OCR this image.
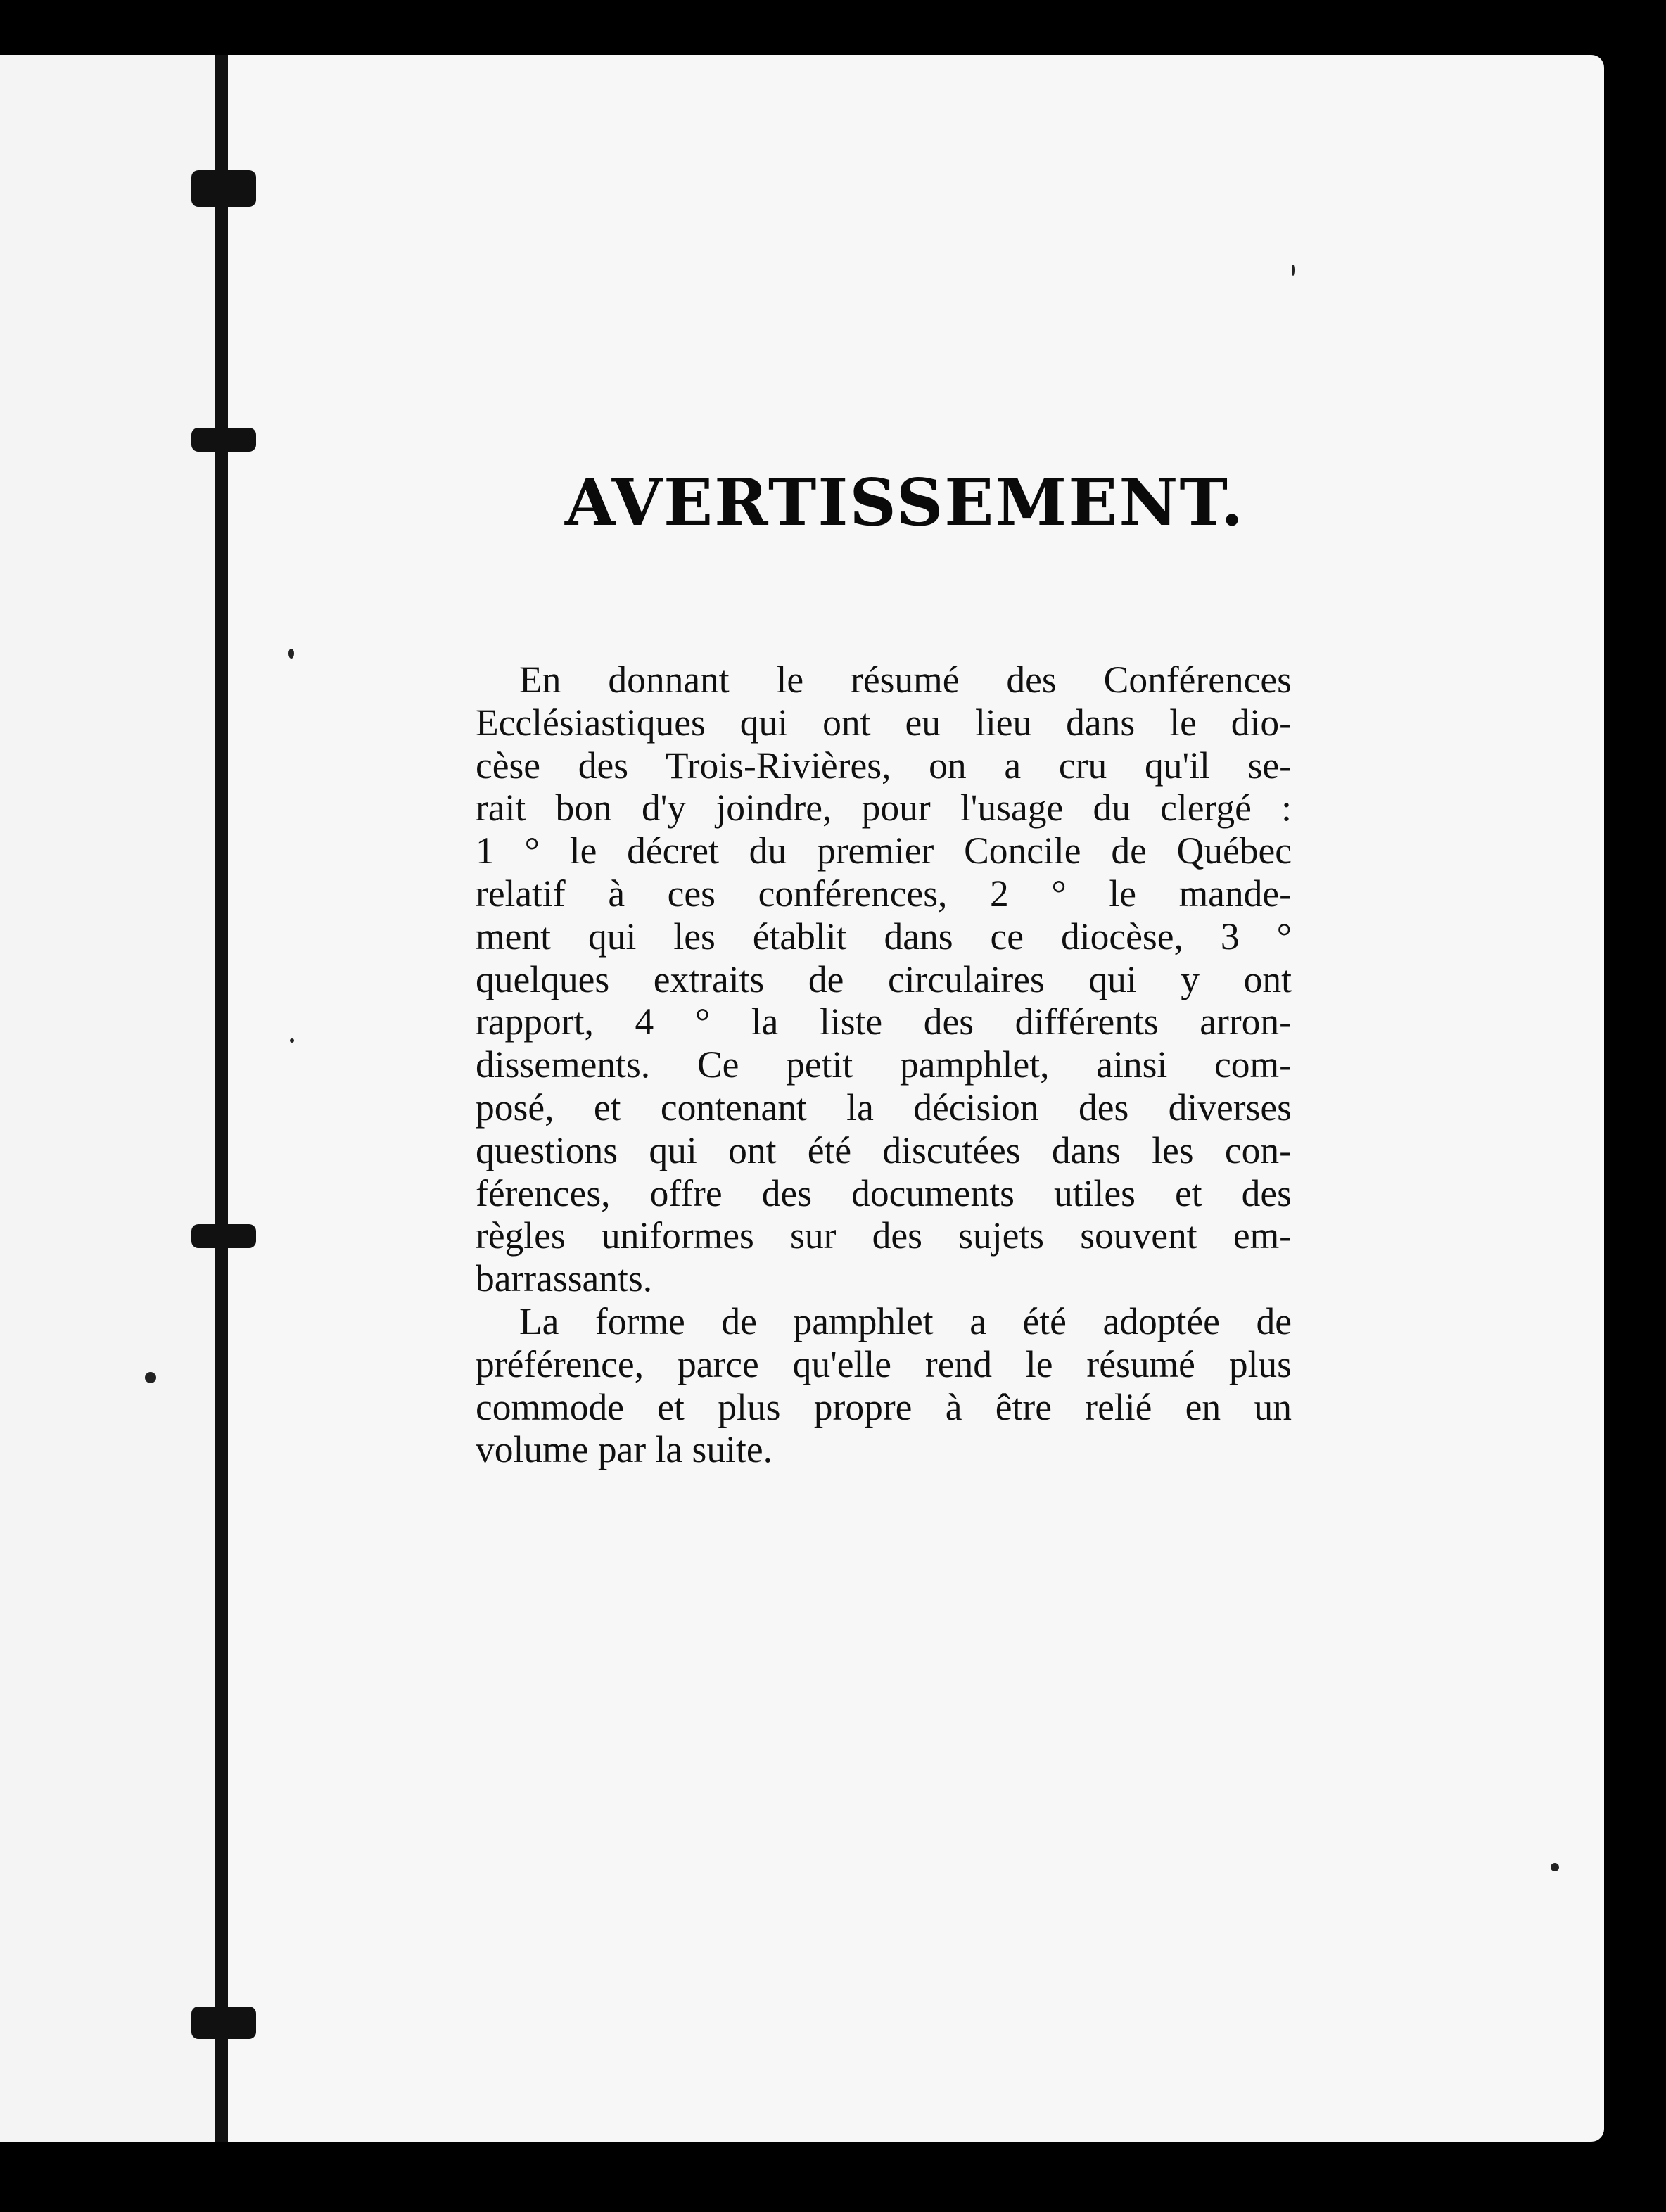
AVERTISSEMENT.

En donnant le résumé des Conférences
Ecclésiastiques qui ont eu lieu dans le dio-
cèse des Trois-Rivières, on a cru qu'il se-
rait bon d'y joindre, pour l'usage du clergé :
1 ° le décret du premier Concile de Québec
relatif à ces conférences, 2 ° le mande-
ment qui les établit dans ce diocèse, 3 °
quelques extraits de circulaires qui y ont
rapport, 4 ° la liste des différents arron-
dissements. Ce petit pamphlet, ainsi com-
posé, et contenant la décision des diverses
questions qui ont été discutées dans les con-
férences, offre des documents utiles et des
règles uniformes sur des sujets souvent em-
barrassants.

La forme de pamphlet a été adoptée de
préférence, parce qu'elle rend le résumé plus
commode et plus propre à être relié en un
volume par la suite.
